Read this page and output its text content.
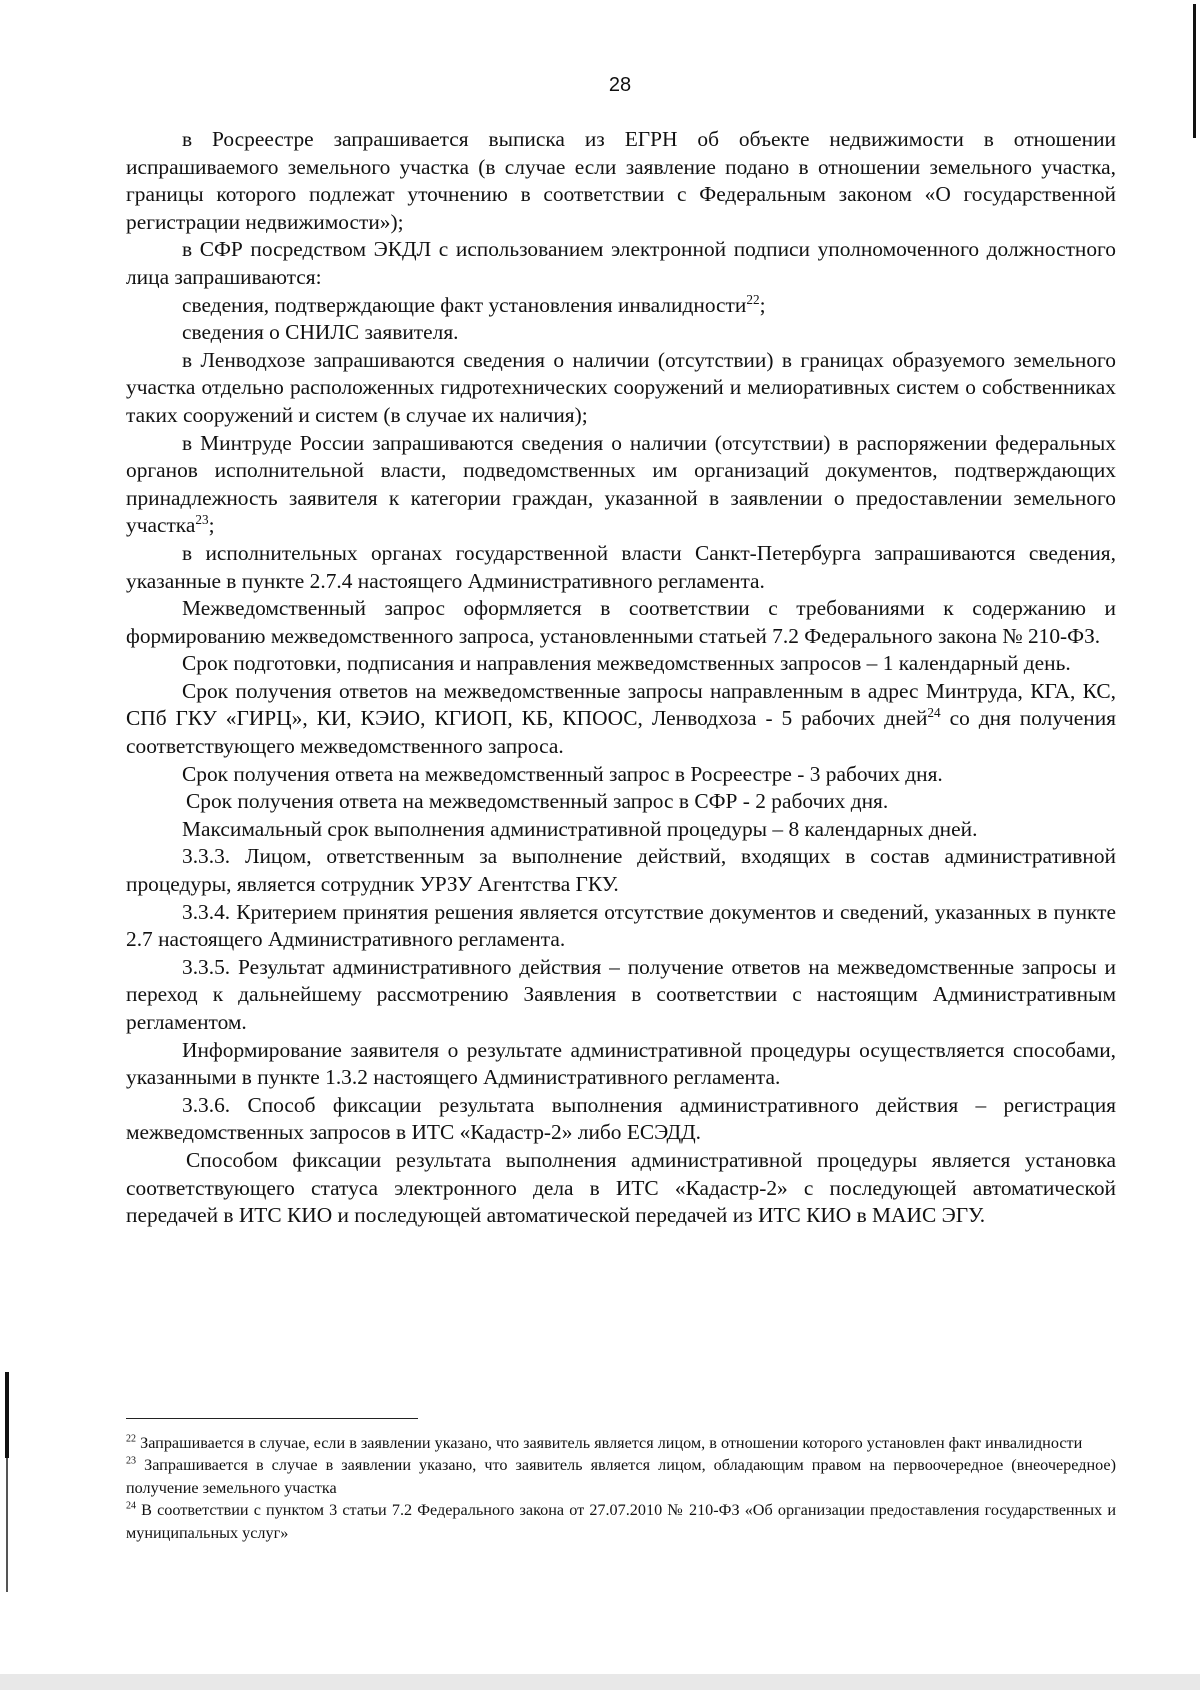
28

в Росреестре запрашивается выписка из ЕГРН об объекте недвижимости в отношении испрашиваемого земельного участка (в случае если заявление подано в отношении земельного участка, границы которого подлежат уточнению в соответствии с Федеральным законом «О государственной регистрации недвижимости»);

в СФР посредством ЭКДЛ с использованием электронной подписи уполномоченного должностного лица запрашиваются:

сведения, подтверждающие факт установления инвалидности$^{22}$;

сведения о СНИЛС заявителя.

в Ленводхозе запрашиваются сведения о наличии (отсутствии) в границах образуемого земельного участка отдельно расположенных гидротехнических сооружений и мелиоративных систем о собственниках таких сооружений и систем (в случае их наличия);

в Минтруде России запрашиваются сведения о наличии (отсутствии) в распоряжении федеральных органов исполнительной власти, подведомственных им организаций документов, подтверждающих принадлежность заявителя к категории граждан, указанной в заявлении о предоставлении земельного участка$^{23}$;

в исполнительных органах государственной власти Санкт-Петербурга запрашиваются сведения, указанные в пункте 2.7.4 настоящего Административного регламента.

Межведомственный запрос оформляется в соответствии с требованиями к содержанию и формированию межведомственного запроса, установленными статьей 7.2 Федерального закона № 210-ФЗ.

Срок подготовки, подписания и направления межведомственных запросов – 1 календарный день.

Срок получения ответов на межведомственные запросы направленным в адрес Минтруда, КГА, КС, СПб ГКУ «ГИРЦ», КИ, КЭИО, КГИОП, КБ, КПООС, Ленводхоза - 5 рабочих дней$^{24}$ со дня получения соответствующего межведомственного запроса.

Срок получения ответа на межведомственный запрос в Росреестре - 3 рабочих дня.

Срок получения ответа на межведомственный запрос в СФР - 2 рабочих дня.

Максимальный срок выполнения административной процедуры – 8 календарных дней.

3.3.3. Лицом, ответственным за выполнение действий, входящих в состав административной процедуры, является сотрудник УРЗУ Агентства ГКУ.

3.3.4. Критерием принятия решения является отсутствие документов и сведений, указанных в пункте 2.7 настоящего Административного регламента.

3.3.5. Результат административного действия – получение ответов на межведомственные запросы и переход к дальнейшему рассмотрению Заявления в соответствии с настоящим Административным регламентом.

Информирование заявителя о результате административной процедуры осуществляется способами, указанными в пункте 1.3.2 настоящего Административного регламента.

3.3.6. Способ фиксации результата выполнения административного действия – регистрация межведомственных запросов в ИТС «Кадастр-2» либо ЕСЭДД.

Способом фиксации результата выполнения административной процедуры является установка соответствующего статуса электронного дела в ИТС «Кадастр-2» с последующей автоматической передачей в ИТС КИО и последующей автоматической передачей из ИТС КИО в МАИС ЭГУ.

$^{22}$ Запрашивается в случае, если в заявлении указано, что заявитель является лицом, в отношении которого установлен факт инвалидности

$^{23}$ Запрашивается в случае в заявлении указано, что заявитель является лицом, обладающим правом на первоочередное (внеочередное) получение земельного участка

$^{24}$ В соответствии с пунктом 3 статьи 7.2 Федерального закона от 27.07.2010 № 210-ФЗ «Об организации предоставления государственных и муниципальных услуг»
